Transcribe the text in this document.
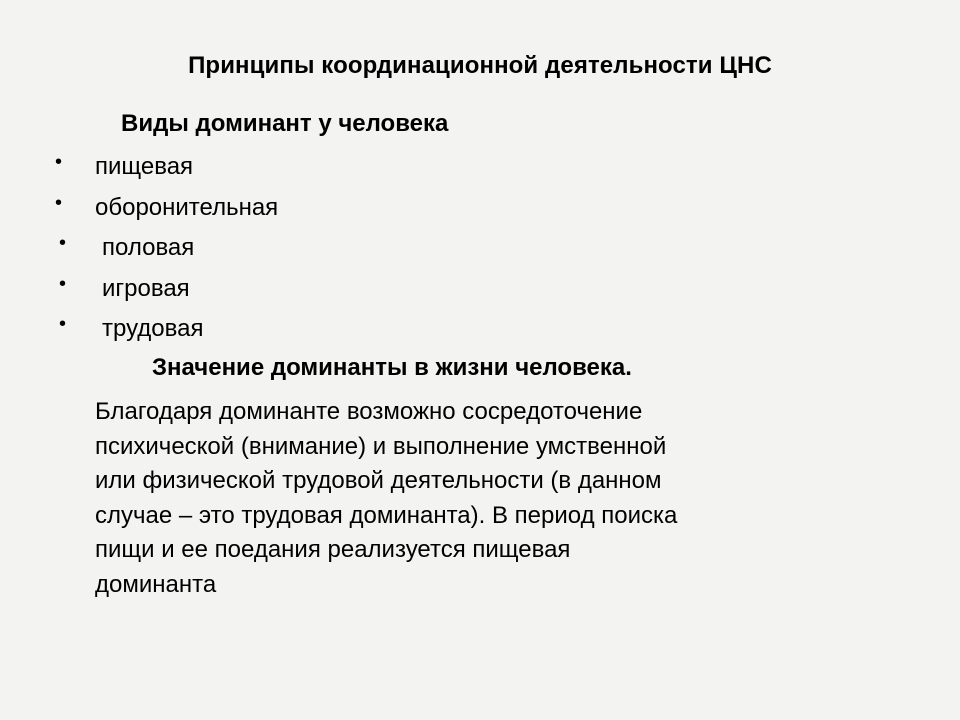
Принципы координационной деятельности ЦНС
Виды доминант у человека
• пищевая
• оборонительная
• половая
• игровая
• трудовая
Значение доминанты в жизни человека.
Благодаря доминанте возможно сосредоточение
психической (внимание) и выполнение умственной
или физической трудовой деятельности (в данном
случае – это трудовая доминанта). В период поиска
пищи и ее поедания реализуется пищевая
доминанта
